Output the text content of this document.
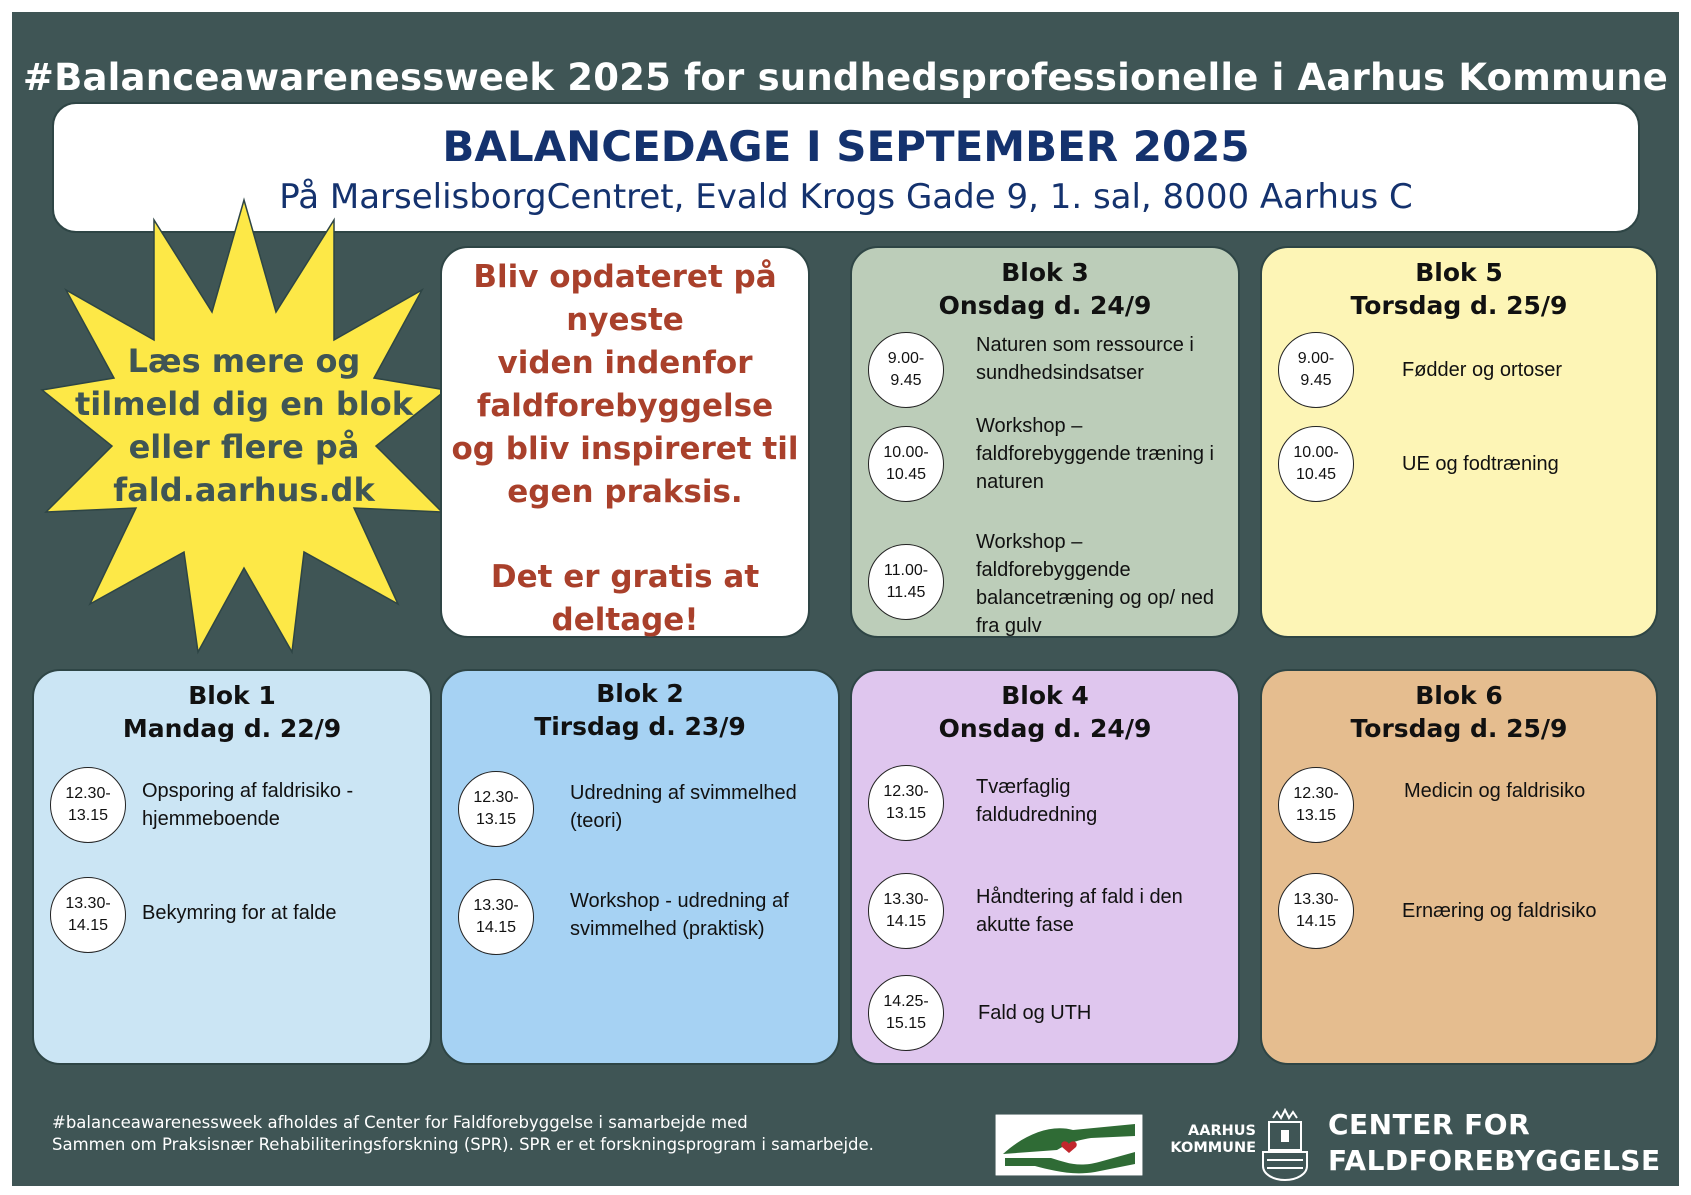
#Balanceawarenessweek 2025 for sundhedsprofessionelle i Aarhus Kommune
BALANCEDAGE I SEPTEMBER 2025
På MarselisborgCentret, Evald Krogs Gade 9, 1. sal, 8000 Aarhus C
Læs mere og
tilmeld dig en blok
eller flere på
fald.aarhus.dk
Bliv opdateret på
nyeste
viden indenfor
faldforebyggelse
og bliv inspireret til
egen praksis.
Det er gratis at
deltage!
Blok 3
Onsdag d. 24/9
9.00-
9.45
Naturen som ressource i sundhedsindsatser
10.00-
10.45
Workshop – faldforebyggende træning i naturen
11.00-
11.45
Workshop – faldforebyggende balancetræning og op/ ned fra gulv
Blok 5
Torsdag d. 25/9
9.00-
9.45	Fødder og ortoser
10.00-
10.45	UE og fodtræning
Blok 1
Mandag d. 22/9
12.30-
13.15
Opsporing af faldrisiko - hjemmeboende
13.30-
14.15
Bekymring for at falde
Blok 2
Tirsdag d. 23/9
12.30-
13.15
Udredning af svimmelhed (teori)
13.30-
14.15
Workshop - udredning af svimmelhed (praktisk)
Blok 4
Onsdag d. 24/9
12.30-
13.15
Tværfaglig faldudredning
13.30-
14.15
Håndtering af fald i den akutte fase
14.25-
15.15	Fald og UTH
Blok 6
Torsdag d. 25/9
12.30-
13.15
Medicin og faldrisiko
13.30-
14.15	Ernæring og faldrisiko
#balanceawarenessweek afholdes af Center for Faldforebyggelse i samarbejde med
Sammen om Praksisnær Rehabiliteringsforskning (SPR). SPR er et forskningsprogram i samarbejde.
AARHUS
KOMMUNE
CENTER FOR
FALDFOREBYGGELSE
